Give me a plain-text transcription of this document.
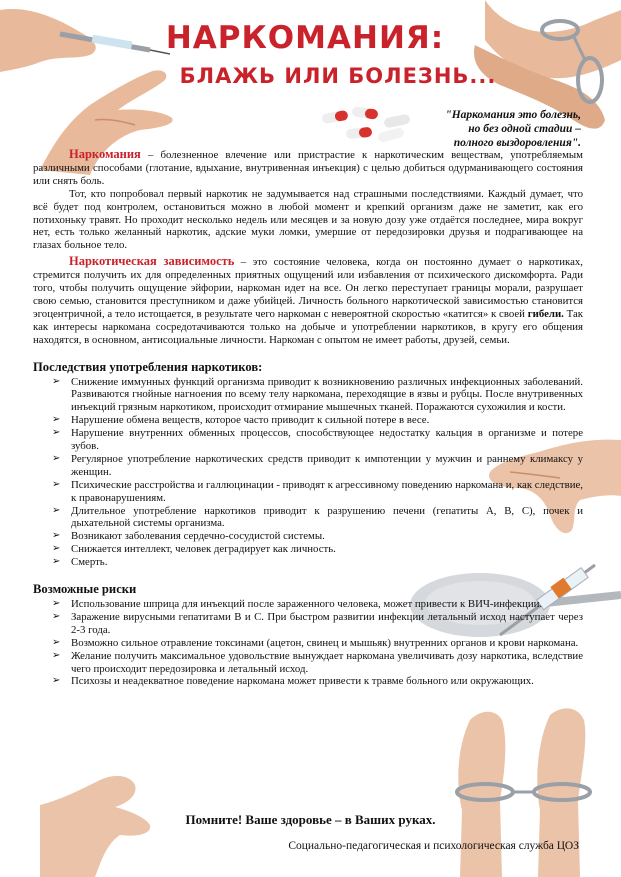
НАРКОМАНИЯ:
БЛАЖЬ ИЛИ БОЛЕЗНЬ...
"Наркомания это болезнь,
но без одной стадии –
полного выздоровления".

Наркомания – болезненное влечение или пристрастие к наркотическим веществам, употребляемым различными способами (глотание, вдыхание, внутривенная инъекция) с целью добиться одурманивающего состояния или снять боль.

Тот, кто попробовал первый наркотик не задумывается над страшными последствиями. Каждый думает, что всё будет под контролем, остановиться можно в любой момент и крепкий организм даже не заметит, как его потихоньку травят. Но проходит несколько недель или месяцев и за новую дозу уже отдаётся последнее, мира вокруг нет, есть только желанный наркотик, адские муки ломки, умершие от передозировки друзья и подрагивающее на глазах больное тело.

Наркотическая зависимость – это состояние человека, когда он постоянно думает о наркотиках, стремится получить их для определенных приятных ощущений или избавления от психического дискомфорта. Ради того, чтобы получить ощущение эйфории, наркоман идет на все. Он легко переступает границы морали, разрушает свою семью, становится преступником и даже убийцей. Личность больного наркотической зависимостью становится эгоцентричной, а тело истощается, в результате чего наркоман с невероятной скоростью «катится» к своей гибели. Так как интересы наркомана сосредотачиваются только на добыче и употреблении наркотиков, в кругу его общения находятся, в основном, антисоциальные личности. Наркоман с опытом не имеет работы, друзей, семьи.

Последствия употребления наркотиков:
➢ Снижение иммунных функций организма приводит к возникновению различных инфекционных заболеваний. Развиваются гнойные нагноения по всему телу наркомана, переходящие в язвы и рубцы. После внутривенных инъекций грязным наркотиком, происходит отмирание мышечных тканей. Поражаются сухожилия и кости.
➢ Нарушение обмена веществ, которое часто приводит к сильной потере в весе.
➢ Нарушение внутренних обменных процессов, способствующее недостатку кальция в организме и потере зубов.
➢ Регулярное употребление наркотических средств приводит к импотенции у мужчин и раннему климаксу у женщин.
➢ Психические расстройства и галлюцинации - приводят к агрессивному поведению наркомана и, как следствие, к правонарушениям.
➢ Длительное употребление наркотиков приводит к разрушению печени (гепатиты А, В, С), почек и дыхательной системы организма.
➢ Возникают заболевания сердечно-сосудистой системы.
➢ Снижается интеллект, человек деградирует как личность.
➢ Смерть.
Возможные риски
➢ Использование шприца для инъекций после зараженного человека, может привести к ВИЧ-инфекции.
➢ Заражение вирусными гепатитами В и С. При быстром развитии инфекции летальный исход наступает через 2-3 года.
➢ Возможно сильное отравление токсинами (ацетон, свинец и мышьяк) внутренних органов и крови наркомана.
➢ Желание получить максимальное удовольствие вынуждает наркомана увеличивать дозу наркотика, вследствие чего происходит передозировка и летальный исход.
➢ Психозы и неадекватное поведение наркомана может привести к травме больного или окружающих.
Помните! Ваше здоровье – в Ваших руках.
Социально-педагогическая и психологическая служба ЦОЗ
